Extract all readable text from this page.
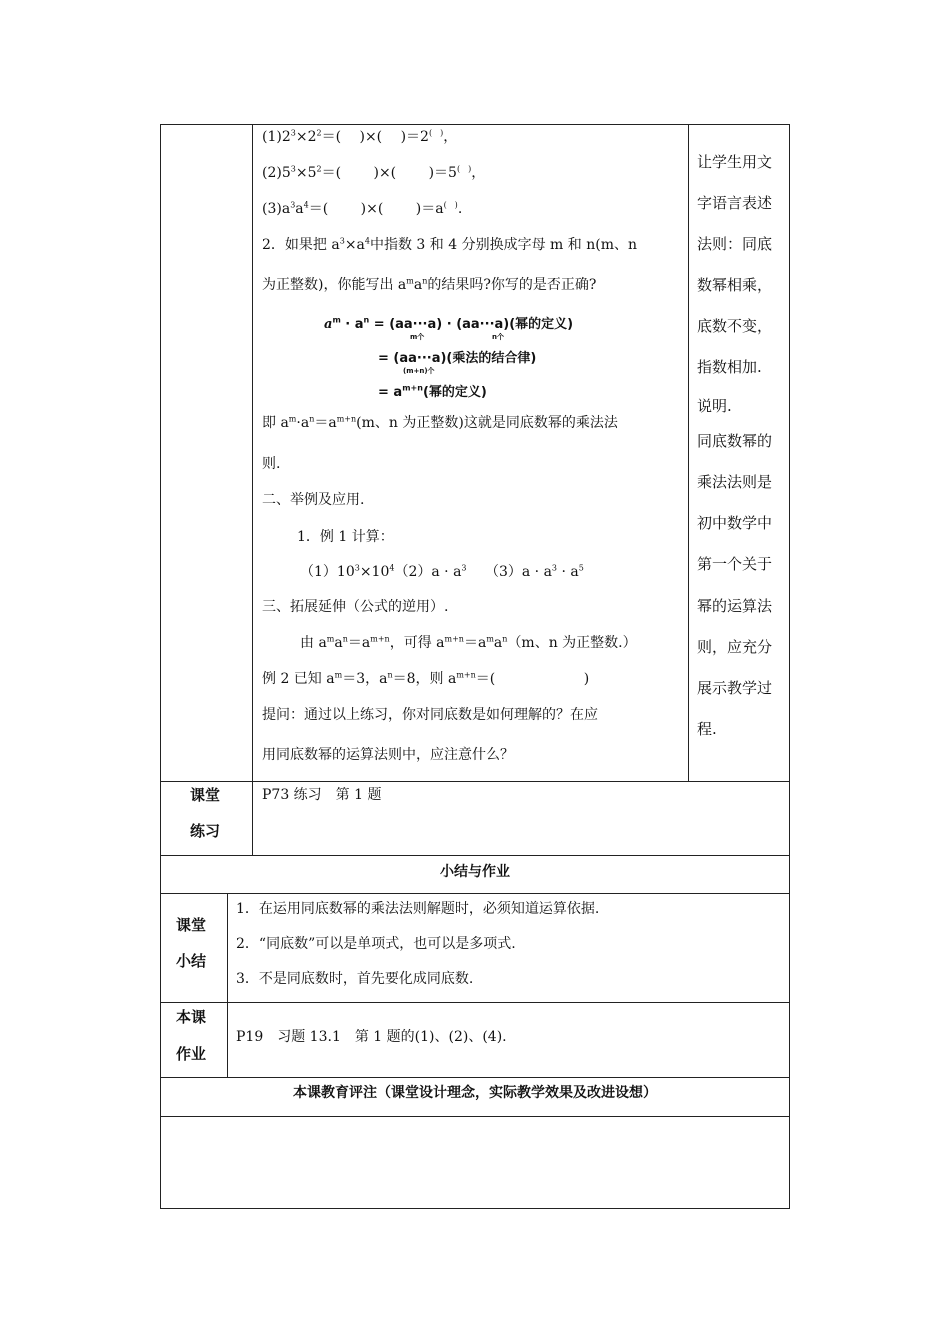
$(1)2^3\times 2^2=$(　 )×(　 )＝2(　)，
$(2)5^3\times 5^2=$(　 　)×(　 　)＝5(　)，
$(3)a^3a^4=$(　 　)×(　 　)＝a(　).
2．如果把 $a^3\times a^4$中指数 3 和 4 分别换成字母 m 和 n(m、n
为正整数)，你能写出 $a^ma^n$的结果吗?你写的是否正确?
$a^m \cdot a^n = (aa\cdot\cdot\cdot a) \cdot (aa\cdot\cdot\cdot a)$(幂的定义)
m个	n个
= (aa···a)(乘法的结合律)
(m+n)个
= $a^{m+n}$(幂的定义)
即 $a^m\cdot a^n=a^{m+n}(m$、n 为正整数)这就是同底数幂的乘法法
则.
二、举例及应用.
1．例 1 计算：
$(1)10^3\times 10^4(2)a \cdot a^3$　 $(3)a \cdot a^3 \cdot a^5$
三、拓展延伸（公式的逆用）.
由 $a^ma^n=a^{m+n}$，可得 $a^{m+n}=a^ma^n(m$、n 为正整数.）
例 2 已知 $a^m=3$，$a^n=8$，则 $a^{m+n}=$(　　　　　　 )
提问：通过以上练习，你对同底数是如何理解的？在应
用同底数幂的运算法则中，应注意什么？
让学生用文
字语言表述
法则：同底
数幂相乘，
底数不变，
指数相加.
说明.
同底数幂的
乘法法则是
初中数学中
第一个关于
幂的运算法
则，应充分
展示教学过
程.
课堂
练习
P73 练习　第 1 题
小结与作业
课堂
小结
1．在运用同底数幂的乘法法则解题时，必须知道运算依据.
2．“同底数”可以是单项式，也可以是多项式.
3．不是同底数时，首先要化成同底数.
本课
作业
P19　习题 13.1　第 1 题的(1)、(2)、(4).
本课教育评注（课堂设计理念，实际教学效果及改进设想）
